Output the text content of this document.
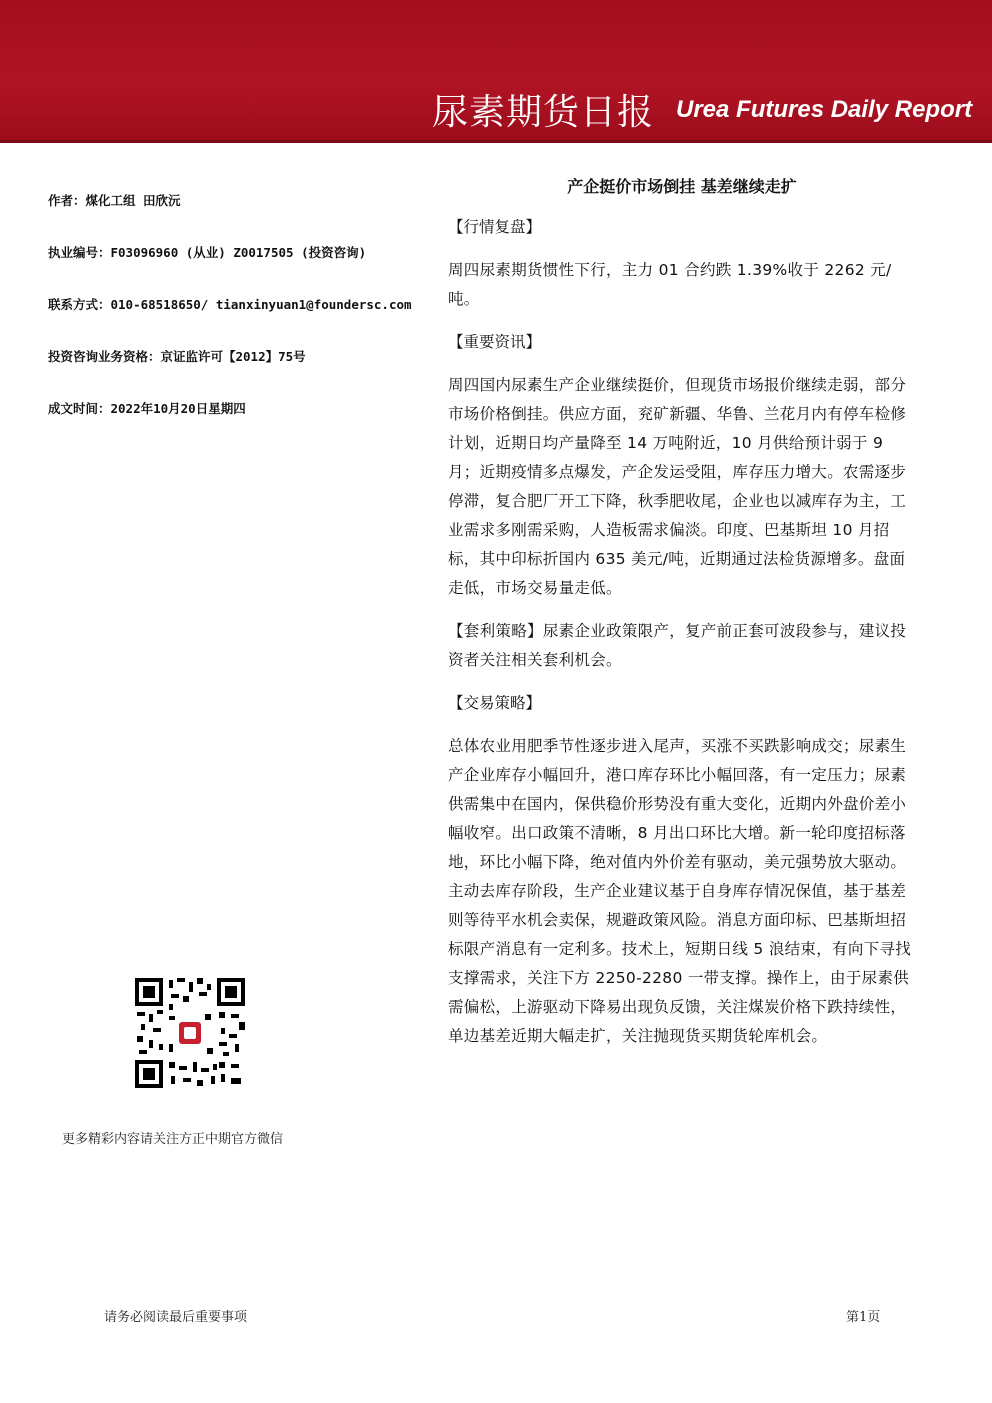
尿素期货日报 Urea Futures Daily Report
作者：煤化工组 田欣沅
执业编号：F03096960 (从业) Z0017505 (投资咨询)
联系方式：010-68518650/ tianxinyuan1@foundersc.com
投资咨询业务资格：京证监许可【2012】75号
成文时间：2022年10月20日星期四
更多精彩内容请关注方正中期官方微信
产企挺价市场倒挂 基差继续走扩
【行情复盘】
周四尿素期货惯性下行，主力 01 合约跌 1.39%收于 2262 元/吨。
【重要资讯】
周四国内尿素生产企业继续挺价，但现货市场报价继续走弱，部分市场价格倒挂。供应方面，兖矿新疆、华鲁、兰花月内有停车检修计划，近期日均产量降至 14 万吨附近，10 月供给预计弱于 9 月；近期疫情多点爆发，产企发运受阻，库存压力增大。农需逐步停滞，复合肥厂开工下降，秋季肥收尾，企业也以减库存为主，工业需求多刚需采购，人造板需求偏淡。印度、巴基斯坦 10 月招标，其中印标折国内 635 美元/吨，近期通过法检货源增多。盘面走低，市场交易量走低。
【套利策略】尿素企业政策限产，复产前正套可波段参与，建议投资者关注相关套利机会。
【交易策略】
总体农业用肥季节性逐步进入尾声，买涨不买跌影响成交；尿素生产企业库存小幅回升，港口库存环比小幅回落，有一定压力；尿素供需集中在国内，保供稳价形势没有重大变化，近期内外盘价差小幅收窄。出口政策不清晰，8 月出口环比大增。新一轮印度招标落地，环比小幅下降，绝对值内外价差有驱动，美元强势放大驱动。主动去库存阶段，生产企业建议基于自身库存情况保值，基于基差则等待平水机会卖保，规避政策风险。消息方面印标、巴基斯坦招标限产消息有一定利多。技术上，短期日线 5 浪结束，有向下寻找支撑需求，关注下方 2250-2280 一带支撑。操作上，由于尿素供需偏松，上游驱动下降易出现负反馈，关注煤炭价格下跌持续性，单边基差近期大幅走扩，关注抛现货买期货轮库机会。
请务必阅读最后重要事项	第1页
